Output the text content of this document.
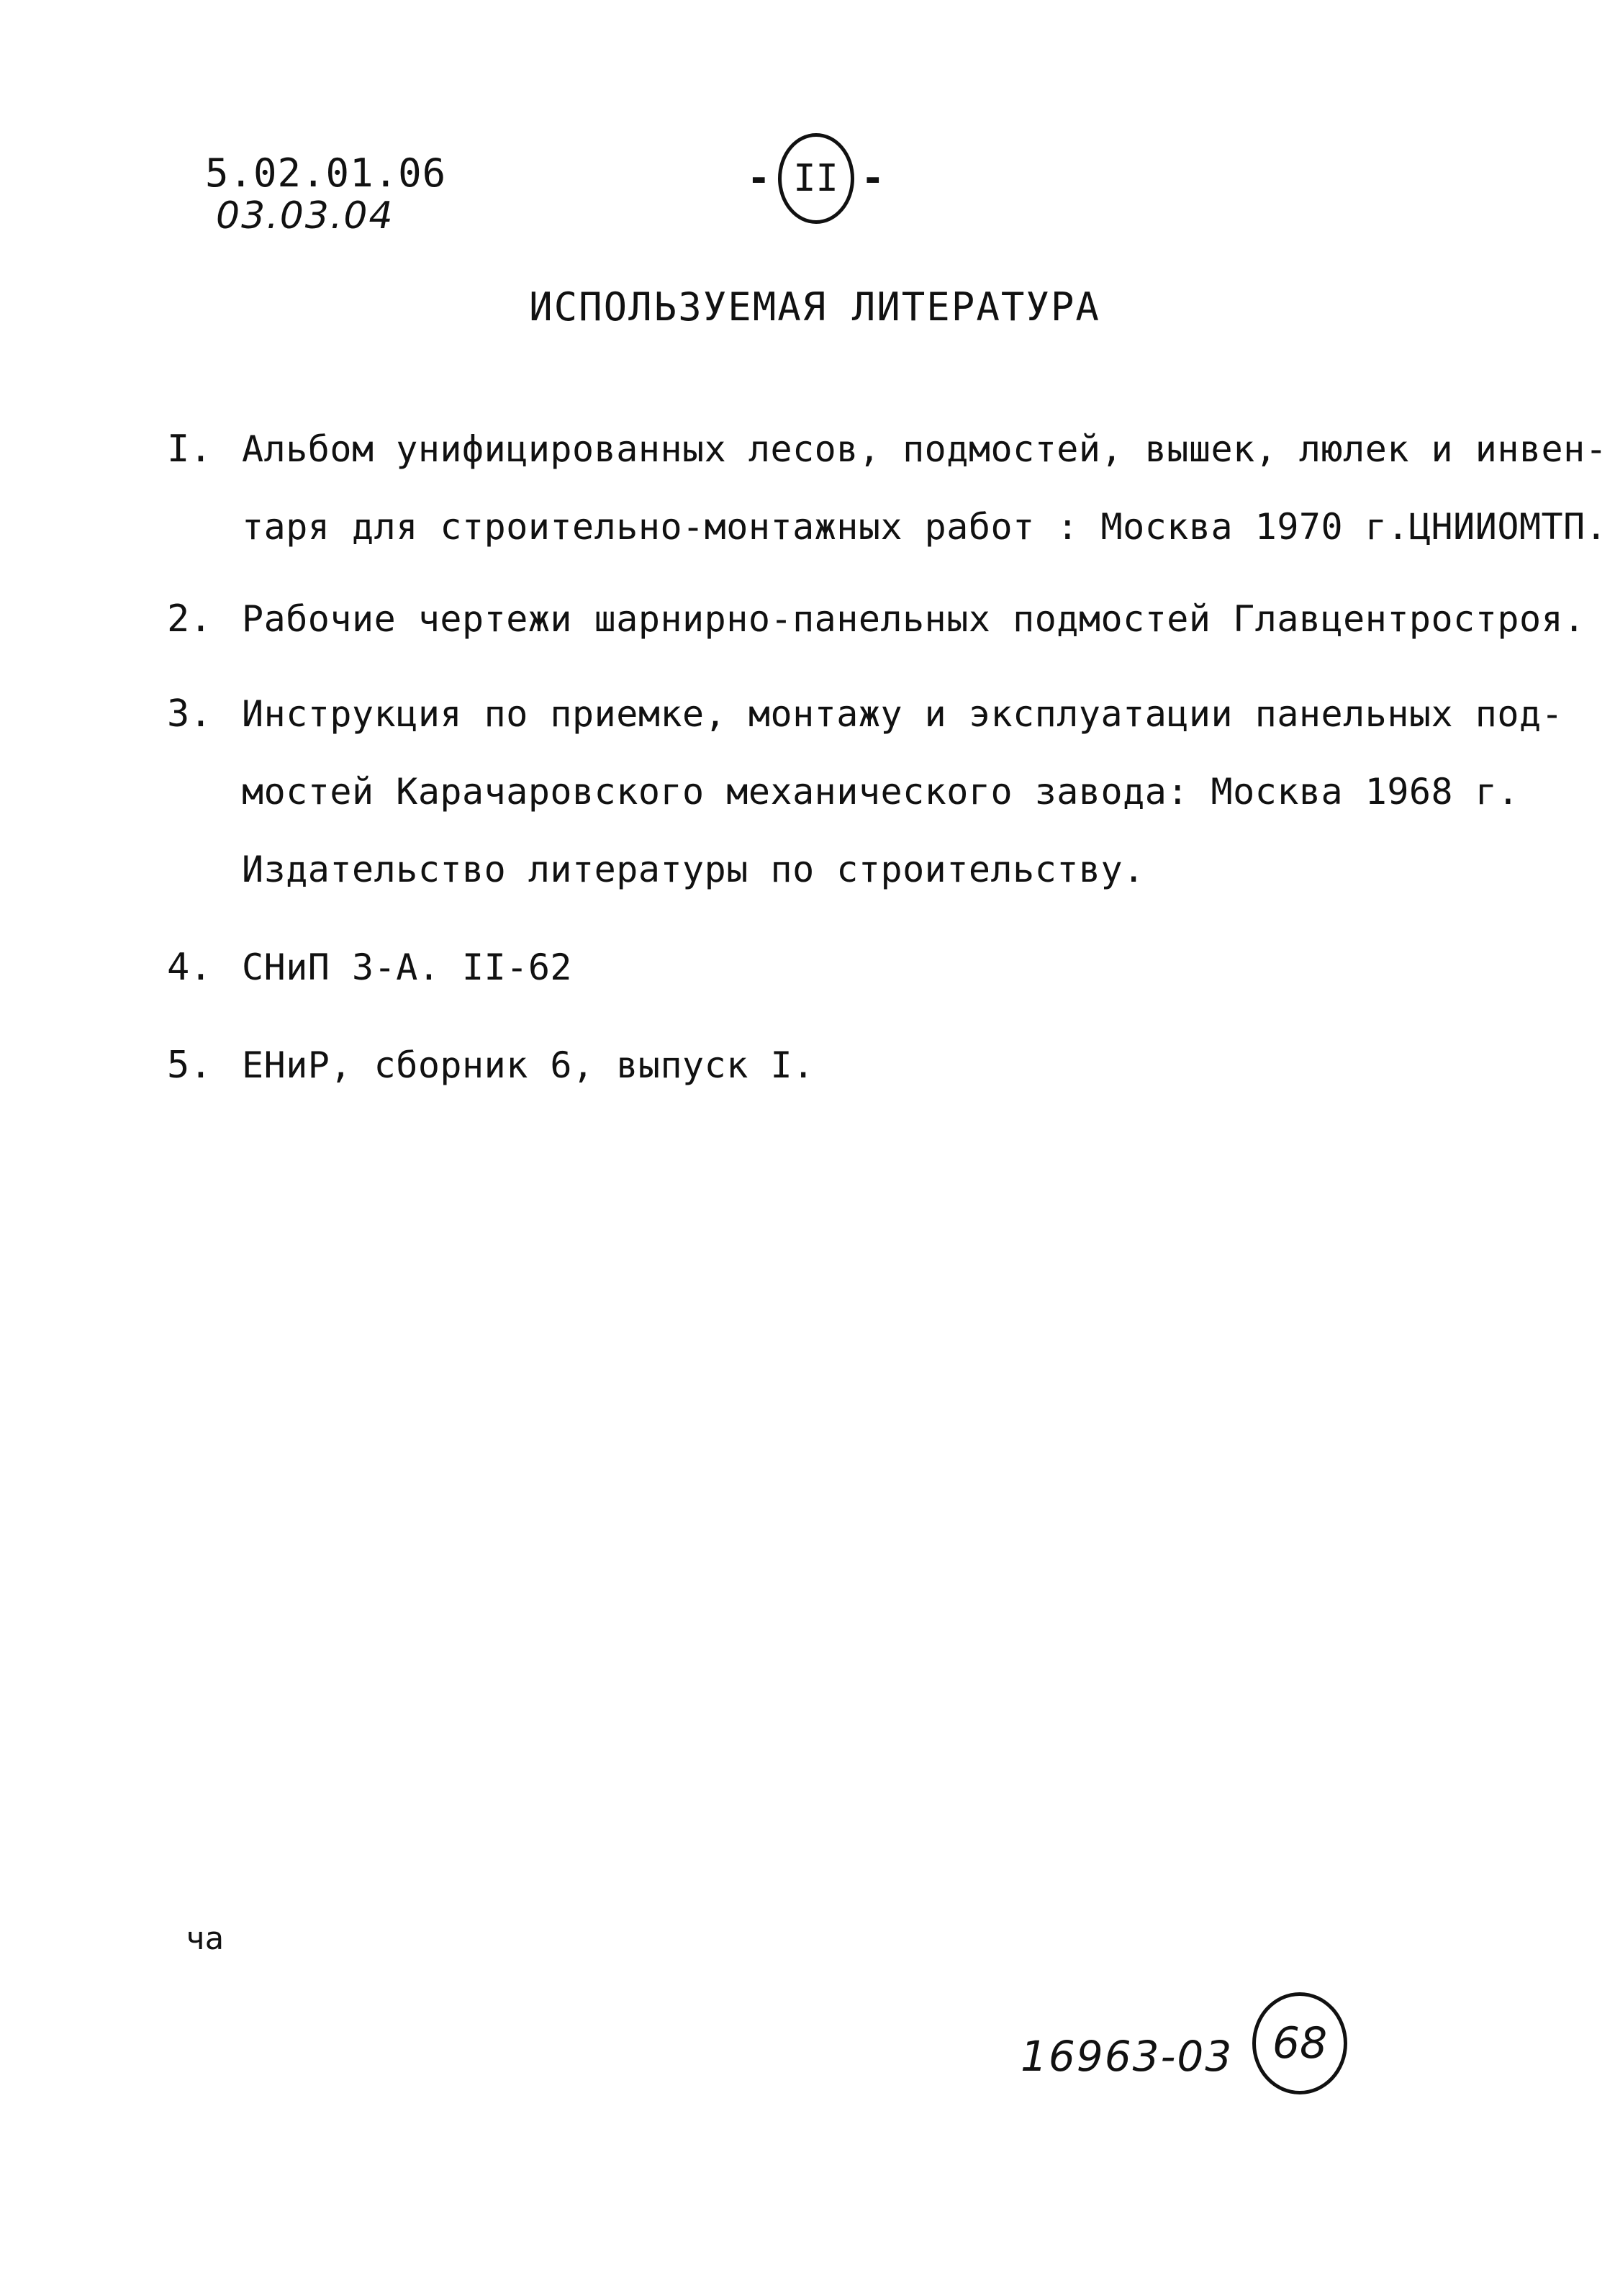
5.02.01.06
03.03.04
- II -
ИСПОЛЬЗУЕМАЯ ЛИТЕРАТУРА
I. Альбом унифицированных лесов, подмостей, вышек, люлек и инвен-
таря для строительно-монтажных работ : Москва 1970 г.ЦНИИОМТП.
2. Рабочие чертежи шарнирно-панельных подмостей Главцентростроя.
3. Инструкция по приемке, монтажу и эксплуатации панельных под-
мостей Карачаровского механического завода: Москва 1968 г.
Издательство литературы по строительству.
4. СНиП 3-А. II-62
5. ЕНиР, сборник 6, выпуск I.
ча
16963-03 68
